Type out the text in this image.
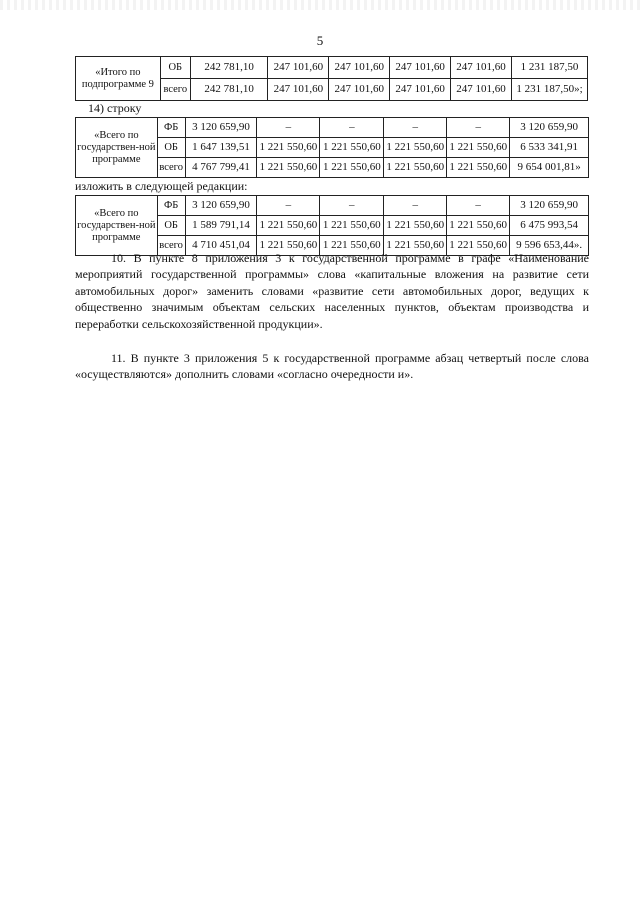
5
«Итого по подпрограмме 9	ОБ	242 781,10	247 101,60	247 101,60	247 101,60	247 101,60	1 231 187,50
	всего	242 781,10	247 101,60	247 101,60	247 101,60	247 101,60	1 231 187,50»;
14) строку
«Всего по государствен-ной программе	ФБ	3 120 659,90	–	–	–	–	3 120 659,90
	ОБ	1 647 139,51	1 221 550,60	1 221 550,60	1 221 550,60	1 221 550,60	6 533 341,91
	всего	4 767 799,41	1 221 550,60	1 221 550,60	1 221 550,60	1 221 550,60	9 654 001,81»
изложить в следующей редакции:
«Всего по государствен-ной программе	ФБ	3 120 659,90	–	–	–	–	3 120 659,90
	ОБ	1 589 791,14	1 221 550,60	1 221 550,60	1 221 550,60	1 221 550,60	6 475 993,54
	всего	4 710 451,04	1 221 550,60	1 221 550,60	1 221 550,60	1 221 550,60	9 596 653,44».

10. В пункте 8 приложения 3 к государственной программе в графе «Наименование мероприятий государственной программы» слова «капитальные вложения на развитие сети автомобильных дорог» заменить словами «развитие сети автомобильных дорог, ведущих к общественно значимым объектам сельских населенных пунктов, объектам производства и переработки сельскохозяйственной продукции».

11. В пункте 3 приложения 5 к государственной программе абзац четвертый после слова «осуществляются» дополнить словами «согласно очередности и».
